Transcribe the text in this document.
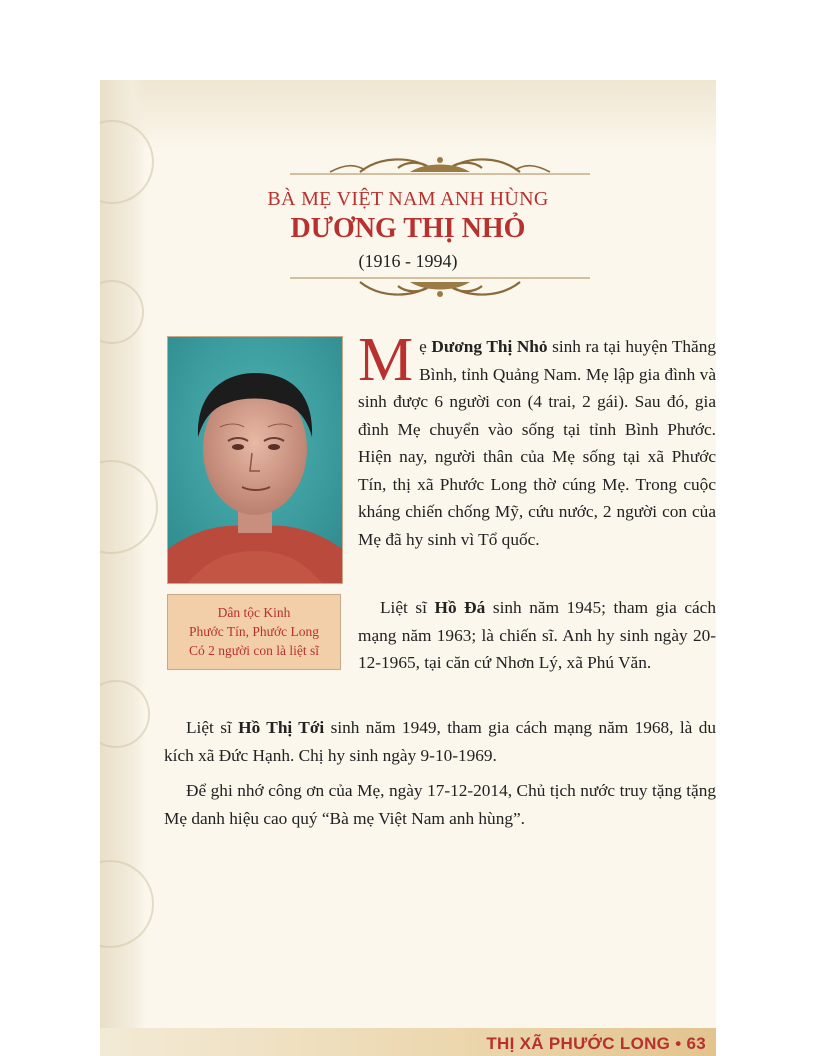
BÀ MẸ VIỆT NAM ANH HÙNG
DƯƠNG THỊ NHỎ
(1916 - 1994)
Dân tộc Kinh
Phước Tín, Phước Long
Có 2 người con là liệt sĩ
Mẹ Dương Thị Nhỏ sinh ra tại huyện Thăng Bình, tỉnh Quảng Nam. Mẹ lập gia đình và sinh được 6 người con (4 trai, 2 gái). Sau đó, gia đình Mẹ chuyển vào sống tại tỉnh Bình Phước. Hiện nay, người thân của Mẹ sống tại xã Phước Tín, thị xã Phước Long thờ cúng Mẹ. Trong cuộc kháng chiến chống Mỹ, cứu nước, 2 người con của Mẹ đã hy sinh vì Tổ quốc.
Liệt sĩ Hồ Đá sinh năm 1945; tham gia cách mạng năm 1963; là chiến sĩ. Anh hy sinh ngày 20-12-1965, tại căn cứ Nhơn Lý, xã Phú Văn.
Liệt sĩ Hồ Thị Tới sinh năm 1949, tham gia cách mạng năm 1968, là du kích xã Đức Hạnh. Chị hy sinh ngày 9-10-1969.
Để ghi nhớ công ơn của Mẹ, ngày 17-12-2014, Chủ tịch nước truy tặng tặng Mẹ danh hiệu cao quý “Bà mẹ Việt Nam anh hùng”.
THỊ XÃ PHƯỚC LONG • 63
